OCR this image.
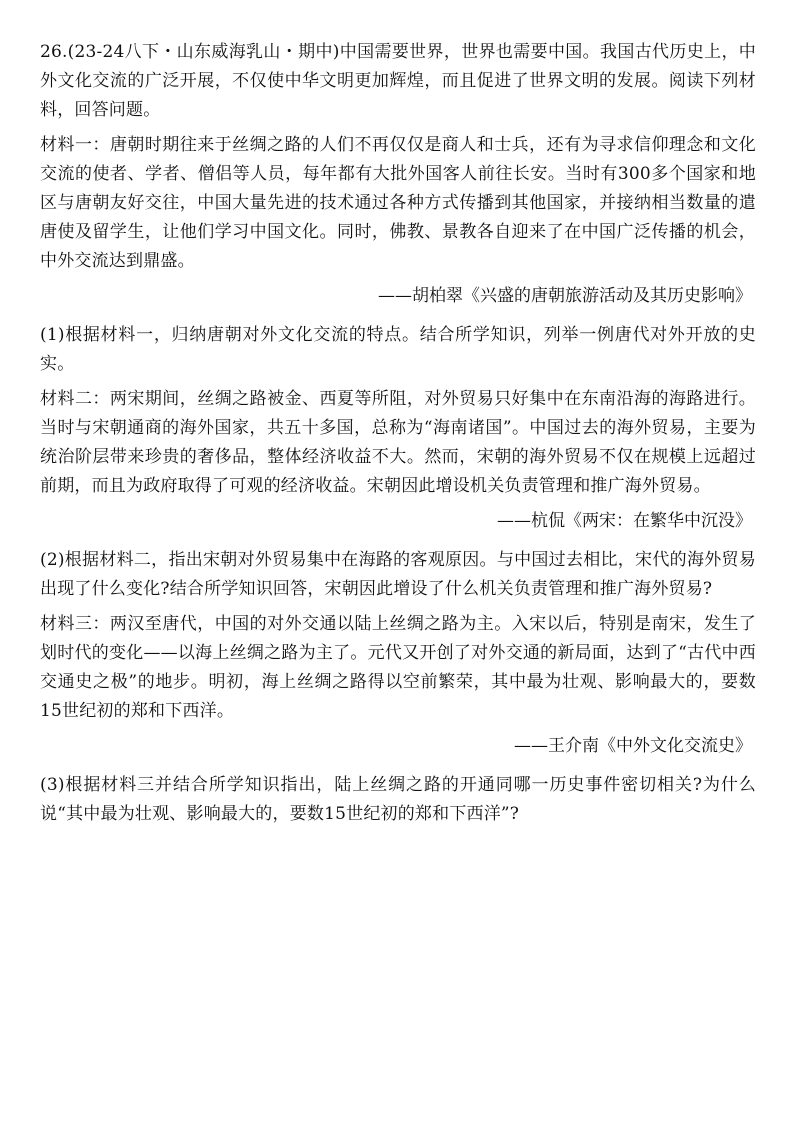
26.(23-24八下・山东威海乳山・期中)中国需要世界，世界也需要中国。我国古代历史上，中外文化交流的广泛开展，不仅使中华文明更加辉煌，而且促进了世界文明的发展。阅读下列材料，回答问题。

材料一：唐朝时期往来于丝绸之路的人们不再仅仅是商人和士兵，还有为寻求信仰理念和文化交流的使者、学者、僧侣等人员，每年都有大批外国客人前往长安。当时有300多个国家和地区与唐朝友好交往，中国大量先进的技术通过各种方式传播到其他国家，并接纳相当数量的遣唐使及留学生，让他们学习中国文化。同时，佛教、景教各自迎来了在中国广泛传播的机会，中外交流达到鼎盛。

——胡柏翠《兴盛的唐朝旅游活动及其历史影响》

(1)根据材料一，归纳唐朝对外文化交流的特点。结合所学知识，列举一例唐代对外开放的史实。

材料二：两宋期间，丝绸之路被金、西夏等所阻，对外贸易只好集中在东南沿海的海路进行。当时与宋朝通商的海外国家，共五十多国，总称为“海南诸国”。中国过去的海外贸易，主要为统治阶层带来珍贵的奢侈品，整体经济收益不大。然而，宋朝的海外贸易不仅在规模上远超过前期，而且为政府取得了可观的经济收益。宋朝因此增设机关负责管理和推广海外贸易。

——杭侃《两宋：在繁华中沉没》

(2)根据材料二，指出宋朝对外贸易集中在海路的客观原因。与中国过去相比，宋代的海外贸易出现了什么变化?结合所学知识回答，宋朝因此增设了什么机关负责管理和推广海外贸易?

材料三：两汉至唐代，中国的对外交通以陆上丝绸之路为主。入宋以后，特别是南宋，发生了划时代的变化——以海上丝绸之路为主了。元代又开创了对外交通的新局面，达到了“古代中西交通史之极”的地步。明初，海上丝绸之路得以空前繁荣，其中最为壮观、影响最大的，要数15世纪初的郑和下西洋。

——王介南《中外文化交流史》

(3)根据材料三并结合所学知识指出，陆上丝绸之路的开通同哪一历史事件密切相关?为什么说“其中最为壮观、影响最大的，要数15世纪初的郑和下西洋”?
